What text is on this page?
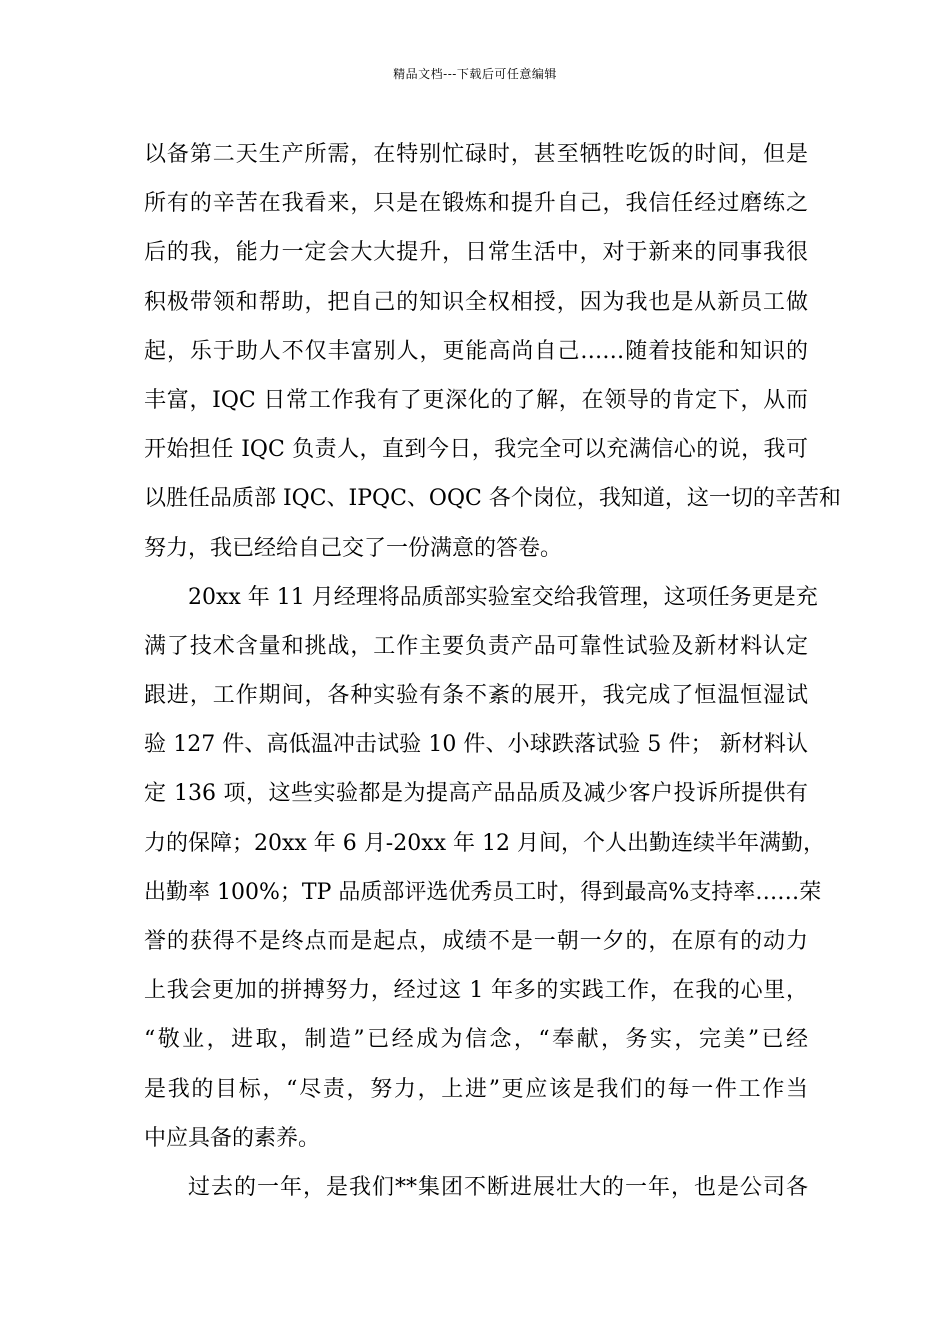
精品文档---下载后可任意编辑
以备第二天生产所需，在特别忙碌时，甚至牺牲吃饭的时间，但是
所有的辛苦在我看来，只是在锻炼和提升自己，我信任经过磨练之
后的我，能力一定会大大提升，日常生活中，对于新来的同事我很
积极带领和帮助，把自己的知识全权相授，因为我也是从新员工做
起，乐于助人不仅丰富别人，更能高尚自己……随着技能和知识的
丰富，IQC 日常工作我有了更深化的了解，在领导的肯定下，从而
开始担任 IQC 负责人，直到今日，我完全可以充满信心的说，我可
以胜任品质部 IQC、IPQC、OQC 各个岗位，我知道，这一切的辛苦和
努力，我已经给自己交了一份满意的答卷。
20xx 年 11 月经理将品质部实验室交给我管理，这项任务更是充
满了技术含量和挑战，工作主要负责产品可靠性试验及新材料认定
跟进，工作期间，各种实验有条不紊的展开，我完成了恒温恒湿试
验 127 件、高低温冲击试验 10 件、小球跌落试验 5 件； 新材料认
定 136 项，这些实验都是为提高产品品质及减少客户投诉所提供有
力的保障；20xx 年 6 月-20xx 年 12 月间，个人出勤连续半年满勤，
出勤率 100%；TP 品质部评选优秀员工时，得到最高%支持率……荣
誉的获得不是终点而是起点，成绩不是一朝一夕的，在原有的动力
上我会更加的拼搏努力，经过这 1 年多的实践工作，在我的心里，
“敬业，进取，制造”已经成为信念，“奉献，务实，完美”已经
是我的目标，“尽责，努力，上进”更应该是我们的每一件工作当
中应具备的素养。
过去的一年，是我们**集团不断进展壮大的一年，也是公司各
